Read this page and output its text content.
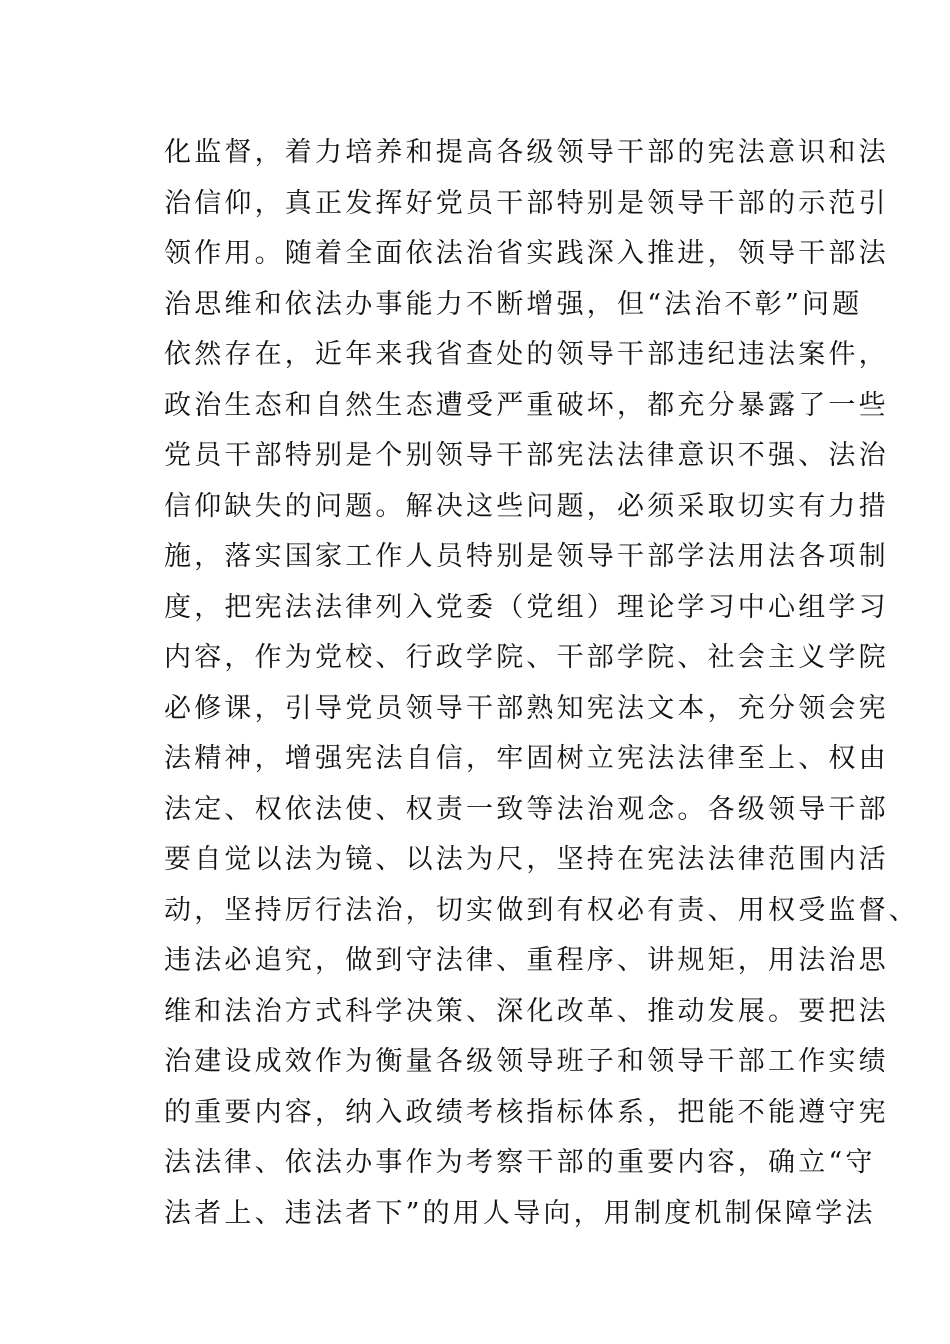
化监督，着力培养和提高各级领导干部的宪法意识和法
治信仰，真正发挥好党员干部特别是领导干部的示范引
领作用。随着全面依法治省实践深入推进，领导干部法
治思维和依法办事能力不断增强，但“法治不彰”问题
依然存在，近年来我省查处的领导干部违纪违法案件，
政治生态和自然生态遭受严重破坏，都充分暴露了一些
党员干部特别是个别领导干部宪法法律意识不强、法治
信仰缺失的问题。解决这些问题，必须采取切实有力措
施，落实国家工作人员特别是领导干部学法用法各项制
度，把宪法法律列入党委（党组）理论学习中心组学习
内容，作为党校、行政学院、干部学院、社会主义学院
必修课，引导党员领导干部熟知宪法文本，充分领会宪
法精神，增强宪法自信，牢固树立宪法法律至上、权由
法定、权依法使、权责一致等法治观念。各级领导干部
要自觉以法为镜、以法为尺，坚持在宪法法律范围内活
动，坚持厉行法治，切实做到有权必有责、用权受监督、
违法必追究，做到守法律、重程序、讲规矩，用法治思
维和法治方式科学决策、深化改革、推动发展。要把法
治建设成效作为衡量各级领导班子和领导干部工作实绩
的重要内容，纳入政绩考核指标体系，把能不能遵守宪
法法律、依法办事作为考察干部的重要内容，确立“守
法者上、违法者下”的用人导向，用制度机制保障学法
